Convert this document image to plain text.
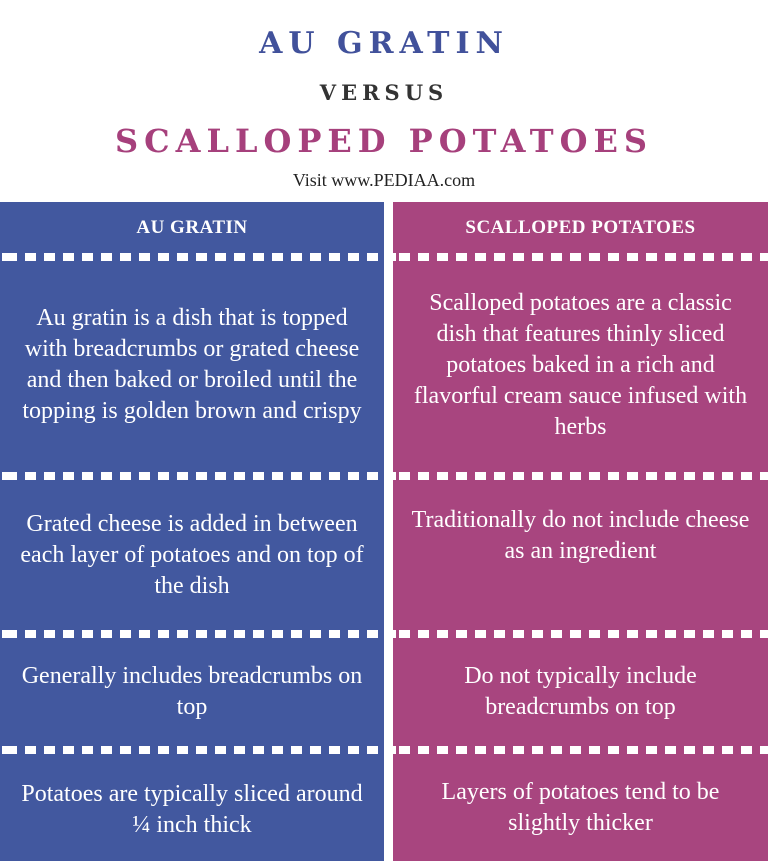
AU GRATIN
VERSUS
SCALLOPED POTATOES
Visit www.PEDIAA.com
AU GRATIN
Au gratin is a dish that is topped with breadcrumbs or grated cheese and then baked or broiled until the topping is golden brown and crispy
Grated cheese is added in between each layer of potatoes and on top of the dish
Generally includes breadcrumbs on top
Potatoes are typically sliced around ¼ inch thick
SCALLOPED POTATOES
Scalloped potatoes are a classic dish that features thinly sliced potatoes baked in a rich and flavorful cream sauce infused with herbs
Traditionally do not include cheese as an ingredient
Do not typically include breadcrumbs on top
Layers of potatoes tend to be slightly thicker
